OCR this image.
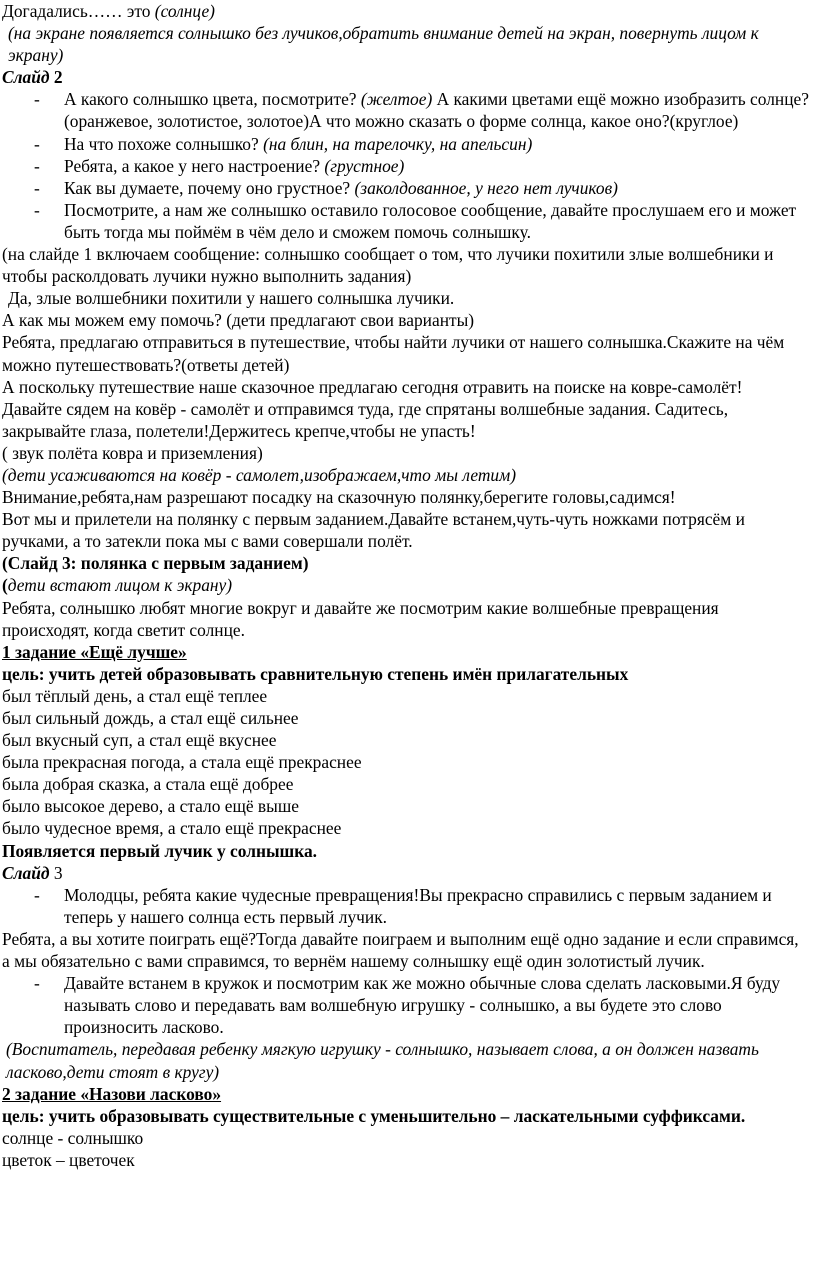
Догадались…… это (солнце)

(на экране появляется солнышко без лучиков,обратить внимание детей на экран, повернуть лицом к экрану)

Слайд 2

- А какого солнышко цвета, посмотрите? (желтое) А какими цветами ещё можно изобразить солнце?(оранжевое, золотистое, золотое)А что можно сказать о форме солнца, какое оно?(круглое)
- На что похоже солнышко? (на блин, на тарелочку, на апельсин)
- Ребята, а какое у него настроение? (грустное)
- Как вы думаете, почему оно грустное? (заколдованное, у него нет лучиков)
- Посмотрите, а нам же солнышко оставило голосовое сообщение, давайте прослушаем его и может быть тогда мы поймём в чём дело и сможем помочь солнышку.

(на слайде 1 включаем сообщение: солнышко сообщает о том, что лучики похитили злые волшебники и чтобы расколдовать лучики нужно выполнить задания)

Да, злые волшебники похитили у нашего солнышка лучики.

А как мы можем ему помочь? (дети предлагают свои варианты)

Ребята, предлагаю отправиться в путешествие, чтобы найти лучики от нашего солнышка.Скажите на чём можно путешествовать?(ответы детей)

А поскольку путешествие наше сказочное предлагаю сегодня отравить на поиске на ковре-самолёт!

Давайте сядем на ковёр - самолёт и отправимся туда, где спрятаны волшебные задания. Садитесь, закрывайте глаза, полетели!Держитесь крепче,чтобы не упасть!

( звук полёта ковра и приземления)

(дети усаживаются на ковёр - самолет,изображаем,что мы летим)

Внимание,ребята,нам разрешают посадку на сказочную полянку,берегите головы,садимся!

Вот мы и прилетели на полянку с первым заданием.Давайте встанем,чуть-чуть ножками потрясём и ручками, а то затекли пока мы с вами совершали полёт.

(Слайд 3: полянка с первым заданием)

(дети встают лицом к экрану)

Ребята, солнышко любят многие вокруг и давайте же посмотрим какие волшебные превращения происходят, когда светит солнце.

1 задание «Ещё лучше»

цель: учить детей образовывать сравнительную степень имён прилагательных

был тёплый день, а стал ещё теплее

был сильный дождь, а стал ещё сильнее

был вкусный суп, а стал ещё вкуснее

была прекрасная погода, а стала ещё прекраснее

была добрая сказка, а стала ещё добрее

было высокое дерево, а стало ещё выше

было чудесное время, а стало ещё прекраснее

Появляется первый лучик у солнышка.

Слайд 3

- Молодцы, ребята какие чудесные превращения!Вы прекрасно справились с первым заданием и теперь у нашего солнца есть первый лучик.

Ребята, а вы хотите поиграть ещё?Тогда давайте поиграем и выполним ещё одно задание и если справимся, а мы обязательно с вами справимся, то вернём нашему солнышку ещё один золотистый лучик.

- Давайте встанем в кружок и посмотрим как же можно обычные слова сделать ласковыми.Я буду называть слово и передавать вам волшебную игрушку - солнышко, а вы будете это слово произносить ласково.

(Воспитатель, передавая ребенку мягкую игрушку - солнышко, называет слова, а он должен назвать ласково,дети стоят в кругу)

2 задание «Назови ласково»

цель: учить образовывать существительные с уменьшительно – ласкательными суффиксами.

солнце - солнышко

цветок – цветочек
